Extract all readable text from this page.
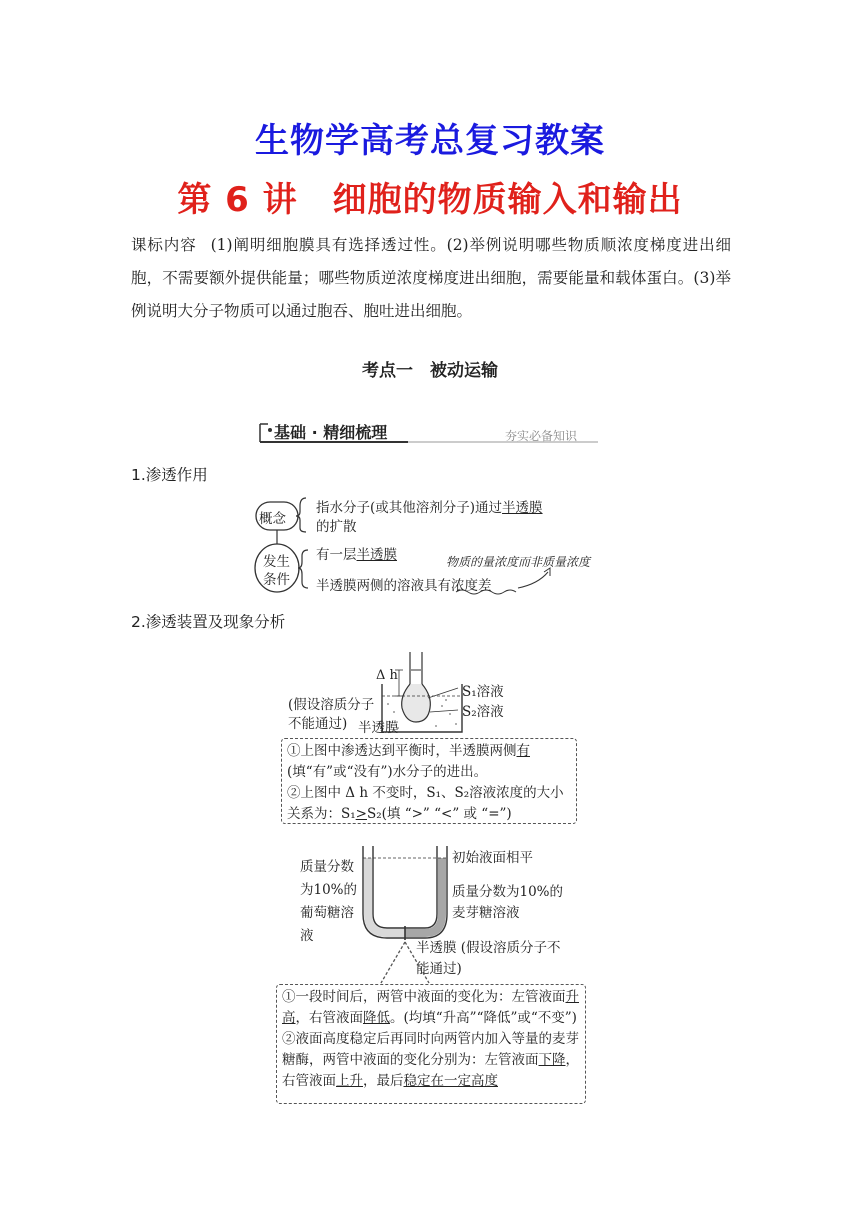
生物学高考总复习教案
第 6 讲　细胞的物质输入和输出
课标内容 (1)阐明细胞膜具有选择透过性。(2)举例说明哪些物质顺浓度梯度进出细胞，不需要额外提供能量；哪些物质逆浓度梯度进出细胞，需要能量和载体蛋白。(3)举例说明大分子物质可以通过胞吞、胞吐进出细胞。
考点一　被动运输
基础 · 精细梳理	夯实必备知识
1.渗透作用
概念
指水分子(或其他溶剂分子)通过半透膜
的扩散
发生
条件
有一层半透膜
半透膜两侧的溶液具有浓度差
物质的量浓度而非质量浓度
2.渗透装置及现象分析
Δ h
S₁溶液
S₂溶液
(假设溶质分子不能通过) 半透膜
①上图中渗透达到平衡时，半透膜两侧有(填“有”或“没有”)水分子的进出。
②上图中 Δ h 不变时，S₁、S₂溶液浓度的大小关系为：S₁>S₂(填 “>” “<” 或 “=”)
质量分数为10%的葡萄糖溶液
初始液面相平
质量分数为10%的麦芽糖溶液
半透膜 (假设溶质分子不能通过)
①一段时间后，两管中液面的变化为：左管液面升高，右管液面降低。(均填“升高”“降低”或“不变”)
②液面高度稳定后再同时向两管内加入等量的麦芽糖酶，两管中液面的变化分别为：左管液面下降，右管液面上升，最后稳定在一定高度
